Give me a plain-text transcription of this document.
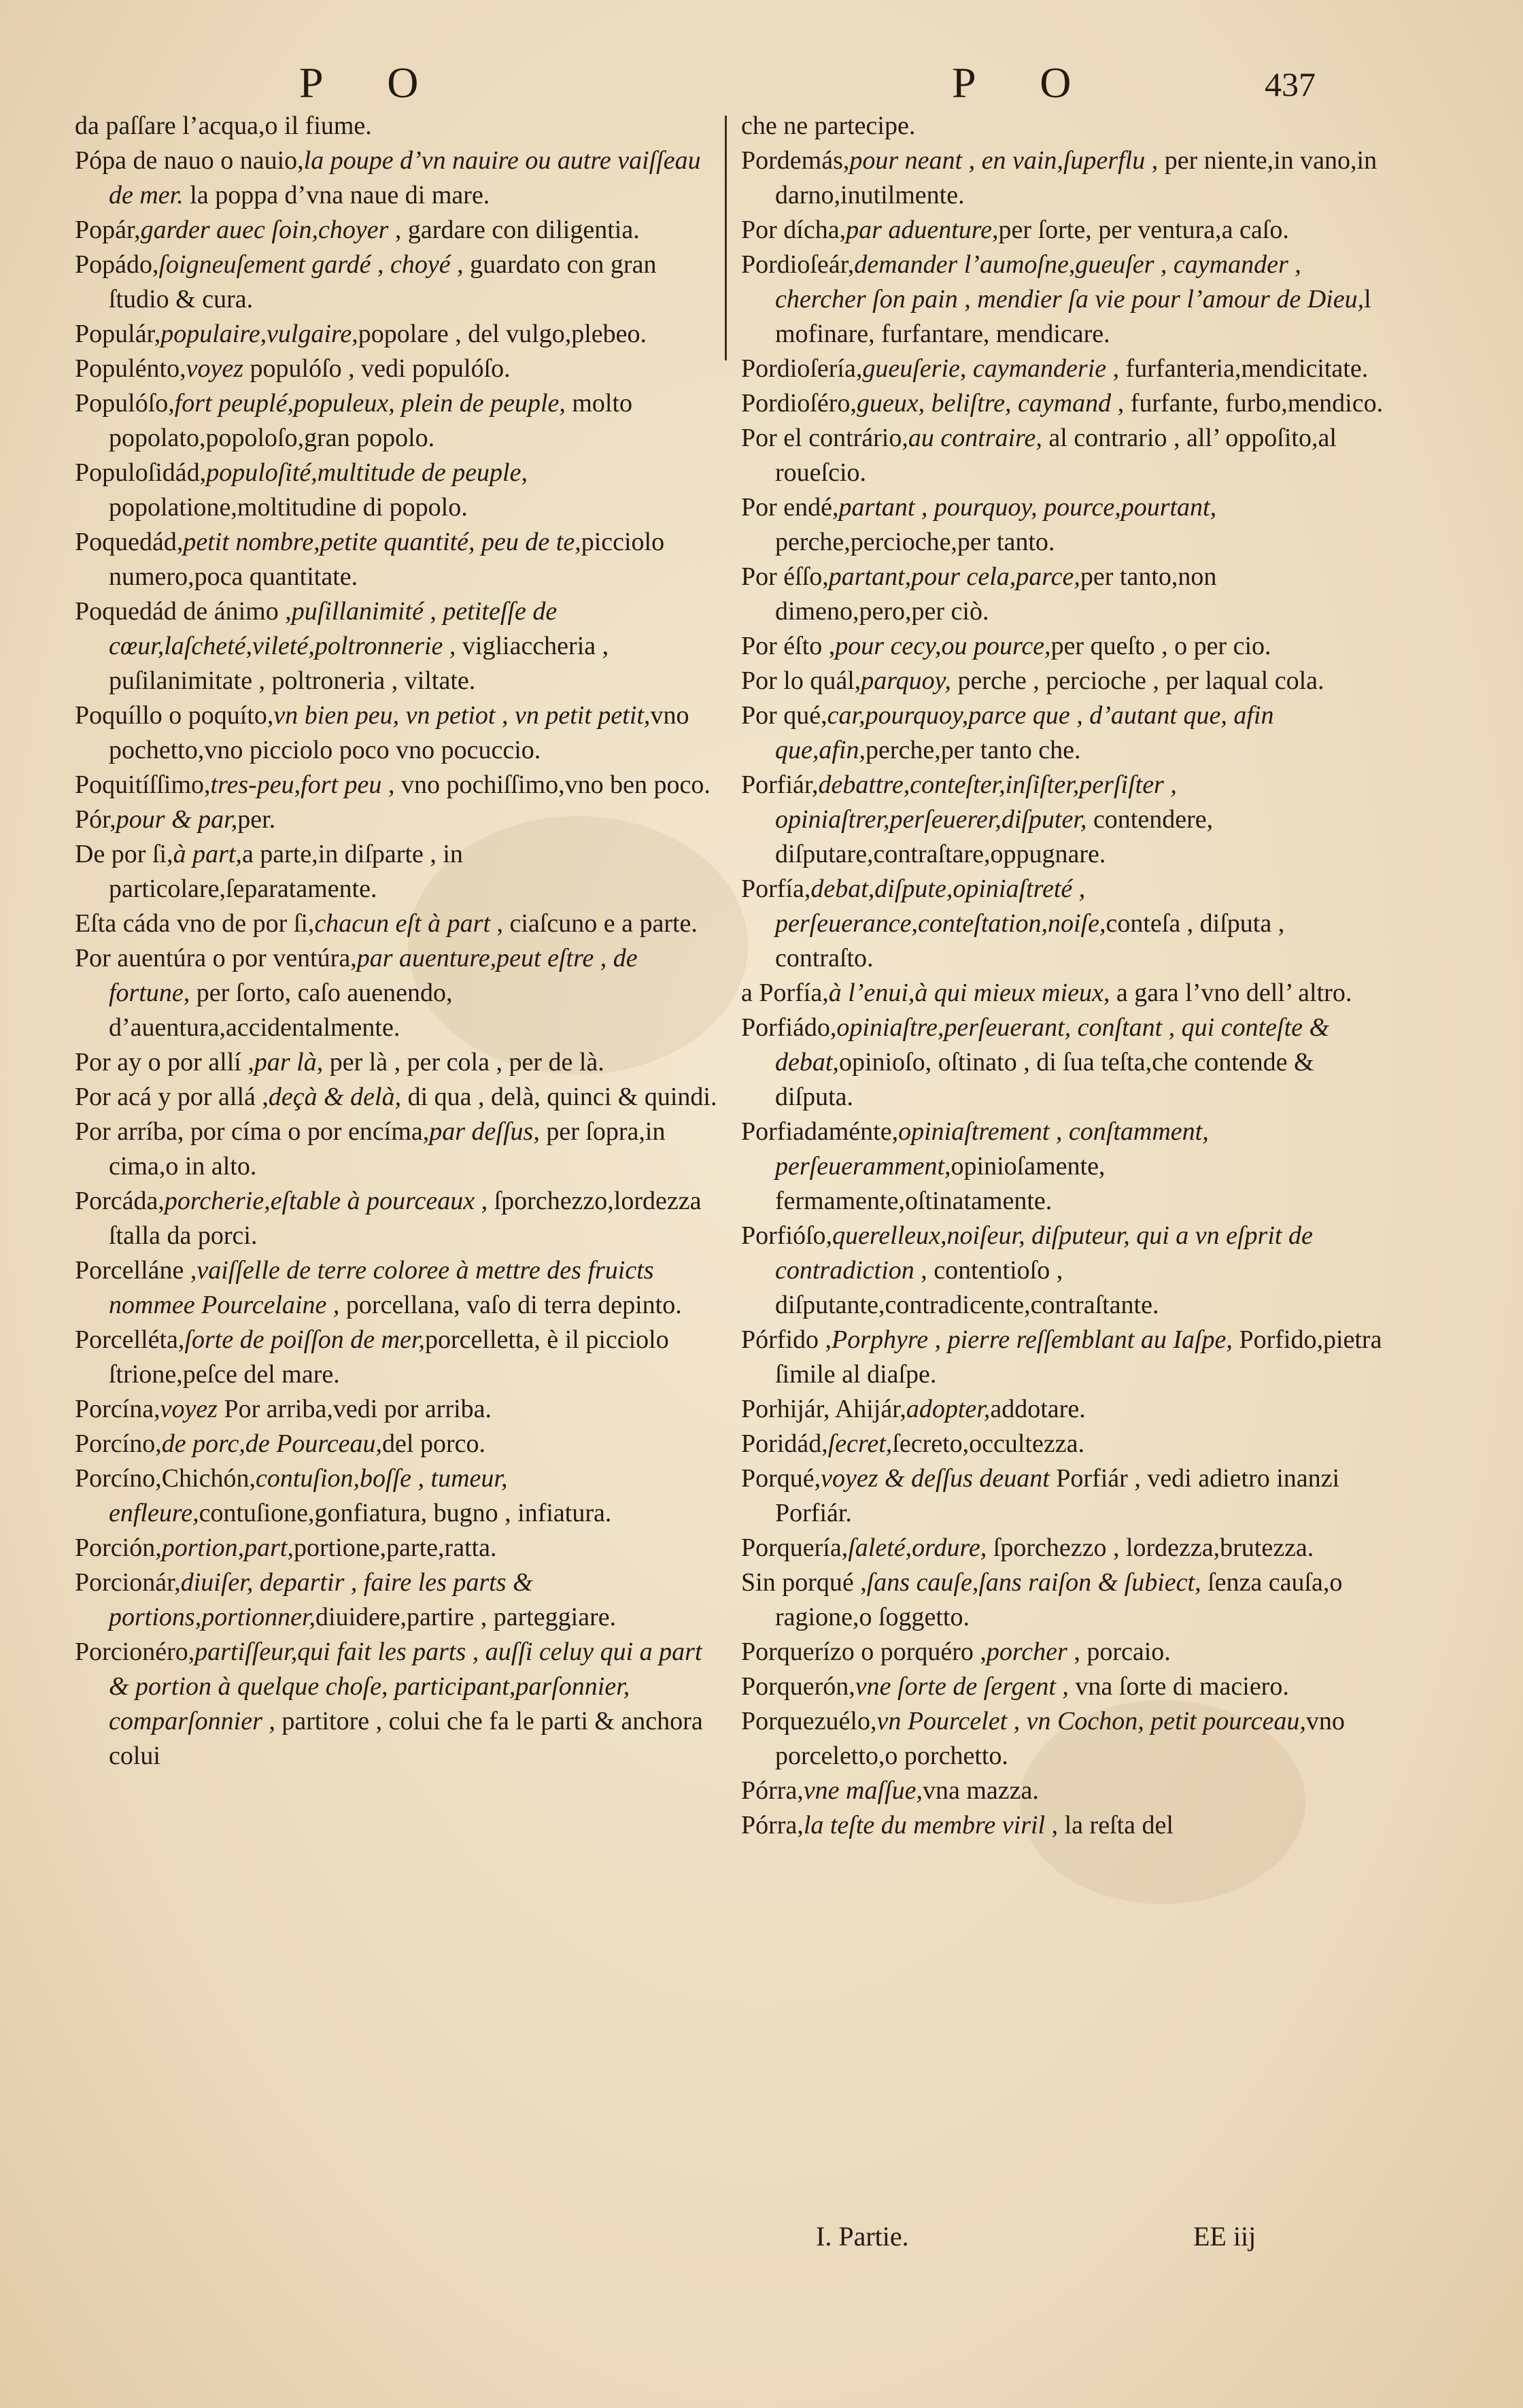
P O	P O	437

da paſſare l’acqua,o il fiume.

Pópa de nauo o nauio,la poupe d’vn nauire ou autre vaiſſeau de mer. la poppa d’vna naue di mare.

Popár,garder auec ſoin,choyer , gardare con diligentia.

Popádo,ſoigneuſement gardé , choyé , guardato con gran ſtudio & cura.

Populár,populaire,vulgaire,popolare , del vulgo,plebeo.

Populénto,voyez populóſo , vedi populóſo.

Populóſo,fort peuplé,populeux, plein de peuple, molto popolato,popoloſo,gran popolo.

Populoſidád,populoſité,multitude de peuple, popolatione,moltitudine di popolo.

Poquedád,petit nombre,petite quantité, peu de te,picciolo numero,poca quantitate.

Poquedád de ánimo ,puſillanimité , petiteſſe de cœur,laſcheté,vileté,poltronnerie , vigliaccheria , puſilanimitate , poltroneria , viltate.

Poquíllo o poquíto,vn bien peu, vn petiot , vn petit petit,vno pochetto,vno picciolo poco vno pocuccio.

Poquitíſſimo,tres-peu,fort peu , vno pochiſſimo,vno ben poco.

Pór,pour & par,per.

De por ſi,à part,a parte,in diſparte , in particolare,ſeparatamente.

Eſta cáda vno de por ſi,chacun eſt à part , ciaſcuno e a parte.

Por auentúra o por ventúra,par auenture,peut eſtre , de fortune, per ſorto, caſo auenendo, d’auentura,accidentalmente.

Por ay o por allí ,par là, per là , per cola , per de là.

Por acá y por allá ,deçà & delà, di qua , delà, quinci & quindi.

Por arríba, por címa o por encíma,par deſſus, per ſopra,in cima,o in alto.

Porcáda,porcherie,eſtable à pourceaux , ſporchezzo,lordezza ſtalla da porci.

Porcelláne ,vaiſſelle de terre coloree à mettre des fruicts nommee Pourcelaine , porcellana, vaſo di terra depinto.

Porcelléta,ſorte de poiſſon de mer,porcelletta, è il picciolo ſtrione,peſce del mare.

Porcína,voyez Por arriba,vedi por arriba.

Porcíno,de porc,de Pourceau,del porco.

Porcíno,Chichón,contuſion,boſſe , tumeur, enfleure,contuſione,gonfiatura, bugno , infiatura.

Porción,portion,part,portione,parte,ratta.

Porcionár,diuiſer, departir , faire les parts & portions,portionner,diuidere,partire , parteggiare.

Porcionéro,partiſſeur,qui fait les parts , auſſi celuy qui a part & portion à quelque choſe, participant,parſonnier, comparſonnier , partitore , colui che fa le parti & anchora colui

che ne partecipe.

Pordemás,pour neant , en vain,ſuperflu , per niente,in vano,in darno,inutilmente.

Por dícha,par aduenture,per ſorte, per ventura,a caſo.

Pordioſeár,demander l’aumoſne,gueuſer , caymander , chercher ſon pain , mendier ſa vie pour l’amour de Dieu,l mofinare, furfantare, mendicare.

Pordioſería,gueuſerie, caymanderie , furfanteria,mendicitate.

Pordioſéro,gueux, beliſtre, caymand , furfante, furbo,mendico.

Por el contrário,au contraire, al contrario , all’ oppoſito,al roueſcio.

Por endé,partant , pourquoy, pource,pourtant, perche,percioche,per tanto.

Por éſſo,partant,pour cela,parce,per tanto,non dimeno,pero,per ciò.

Por éſto ,pour cecy,ou pource,per queſto , o per cio.

Por lo quál,parquoy, perche , percioche , per laqual cola.

Por qué,car,pourquoy,parce que , d’autant que, afin que,afin,perche,per tanto che.

Porfiár,debattre,conteſter,inſiſter,perſiſter , opiniaſtrer,perſeuerer,diſputer, contendere, diſputare,contraſtare,oppugnare.

Porfía,debat,diſpute,opiniaſtreté , perſeuerance,conteſtation,noiſe,conteſa , diſputa , contraſto.

a Porfía,à l’enui,à qui mieux mieux, a gara l’vno dell’ altro.

Porfiádo,opiniaſtre,perſeuerant, conſtant , qui conteſte & debat,opinioſo, oſtinato , di ſua teſta,che contende & diſputa.

Porfiadaménte,opiniaſtrement , conſtamment, perſeueramment,opinioſamente, fermamente,oſtinatamente.

Porfióſo,querelleux,noiſeur, diſputeur, qui a vn eſprit de contradiction , contentioſo , diſputante,contradicente,contraſtante.

Pórfido ,Porphyre , pierre reſſemblant au Iaſpe, Porfido,pietra ſimile al diaſpe.

Porhijár, Ahijár,adopter,addotare.

Poridád,ſecret,ſecreto,occultezza.

Porqué,voyez & deſſus deuant Porfiár , vedi adietro inanzi Porfiár.

Porquería,ſaleté,ordure, ſporchezzo , lordezza,brutezza.

Sin porqué ,ſans cauſe,ſans raiſon & ſubiect, ſenza cauſa,o ragione,o ſoggetto.

Porquerízo o porquéro ,porcher , porcaio.

Porquerón,vne ſorte de ſergent , vna ſorte di maciero.

Porquezuélo,vn Pourcelet , vn Cochon, petit pourceau,vno porceletto,o porchetto.

Pórra,vne maſſue,vna mazza.

Pórra,la teſte du membre viril , la reſta del

I. Partie.	EE iij
